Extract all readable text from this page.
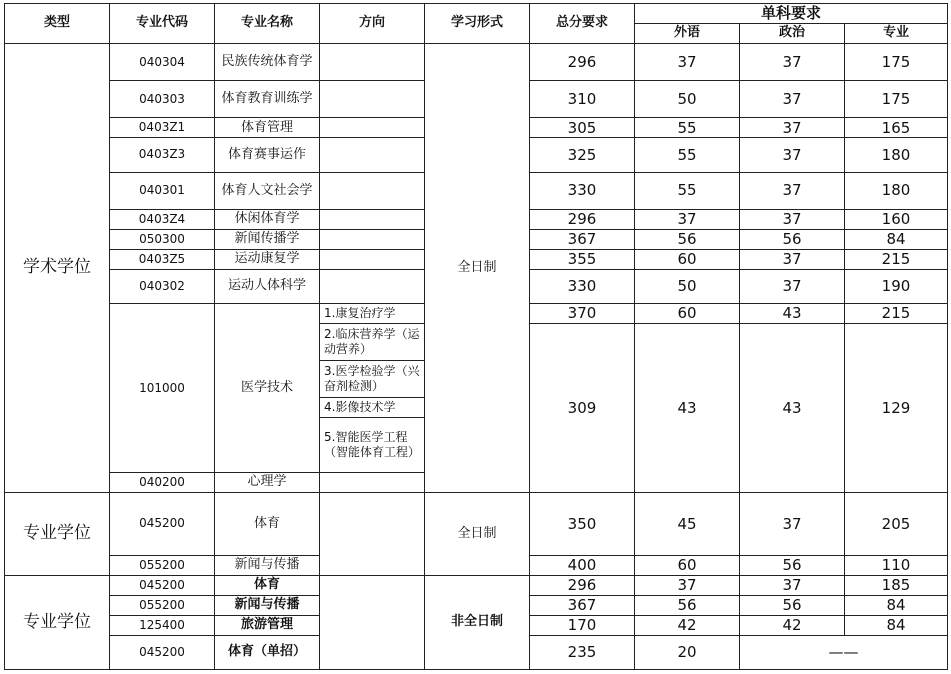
类型	专业代码	专业名称	方向	学习形式	总分要求	单科要求			
						外语	政治	专业	
学术学位	040304	民族传统体育学		全日制	296	37	37	175	
	040303	体育教育训练学			310	50	37	175	
	0403Z1	体育管理			305	55	37	165	
	0403Z3	体育赛事运作			325	55	37	180	
	040301	体育人文社会学			330	55	37	180	
	0403Z4	休闲体育学			296	37	37	160	
	050300	新闻传播学			367	56	56	84	
	0403Z5	运动康复学			355	60	37	215	
	040302	运动人体科学			330	50	37	190	
	101000	医学技术	1.康复治疗学		370	60	43	215	
			2.临床营养学（运动营养）		309	43	43	129	
			3.医学检验学（兴奋剂检测）						
			4.影像技术学						
			5.智能医学工程（智能体育工程）						
	040200	心理学					
专业学位	045200	体育		全日制	350	45	37	205	
	055200	新闻与传播			400	60	56	110	
专业学位	045200	体育		非全日制	296	37	37	185	
	055200	新闻与传播			367	56	56	84	
	125400	旅游管理			170	42	42	84	
	045200	体育（单招）			235	20	——		
